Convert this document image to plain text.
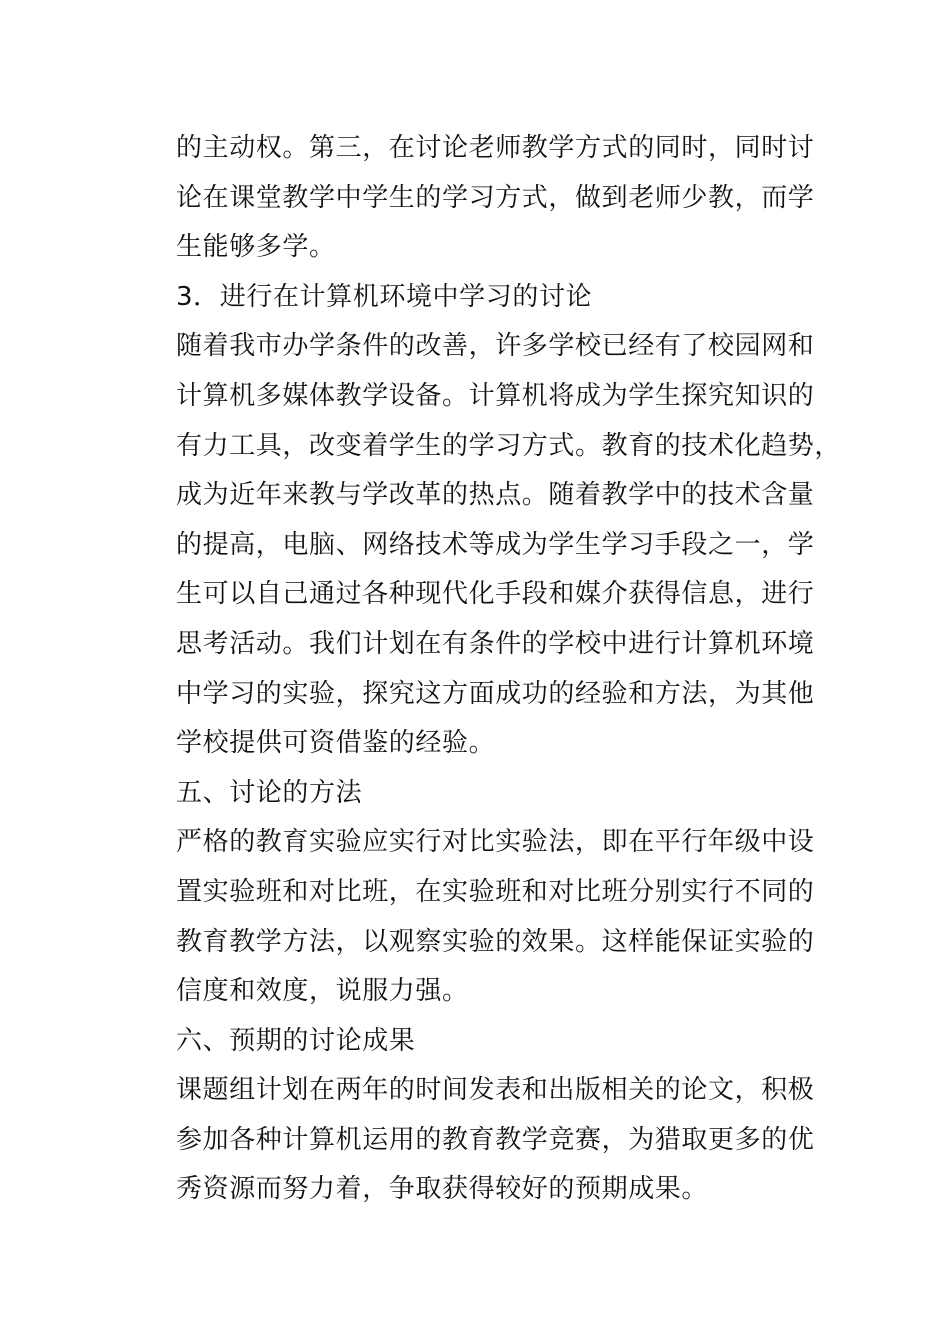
的主动权。第三，在讨论老师教学方式的同时，同时讨
论在课堂教学中学生的学习方式，做到老师少教，而学
生能够多学。
3．进行在计算机环境中学习的讨论
随着我市办学条件的改善，许多学校已经有了校园网和
计算机多媒体教学设备。计算机将成为学生探究知识的
有力工具，改变着学生的学习方式。教育的技术化趋势，
成为近年来教与学改革的热点。随着教学中的技术含量
的提高，电脑、网络技术等成为学生学习手段之一，学
生可以自己通过各种现代化手段和媒介获得信息，进行
思考活动。我们计划在有条件的学校中进行计算机环境
中学习的实验，探究这方面成功的经验和方法，为其他
学校提供可资借鉴的经验。
五、讨论的方法
严格的教育实验应实行对比实验法，即在平行年级中设
置实验班和对比班，在实验班和对比班分别实行不同的
教育教学方法，以观察实验的效果。这样能保证实验的
信度和效度，说服力强。
六、预期的讨论成果
课题组计划在两年的时间发表和出版相关的论文，积极
参加各种计算机运用的教育教学竞赛，为猎取更多的优
秀资源而努力着，争取获得较好的预期成果。
